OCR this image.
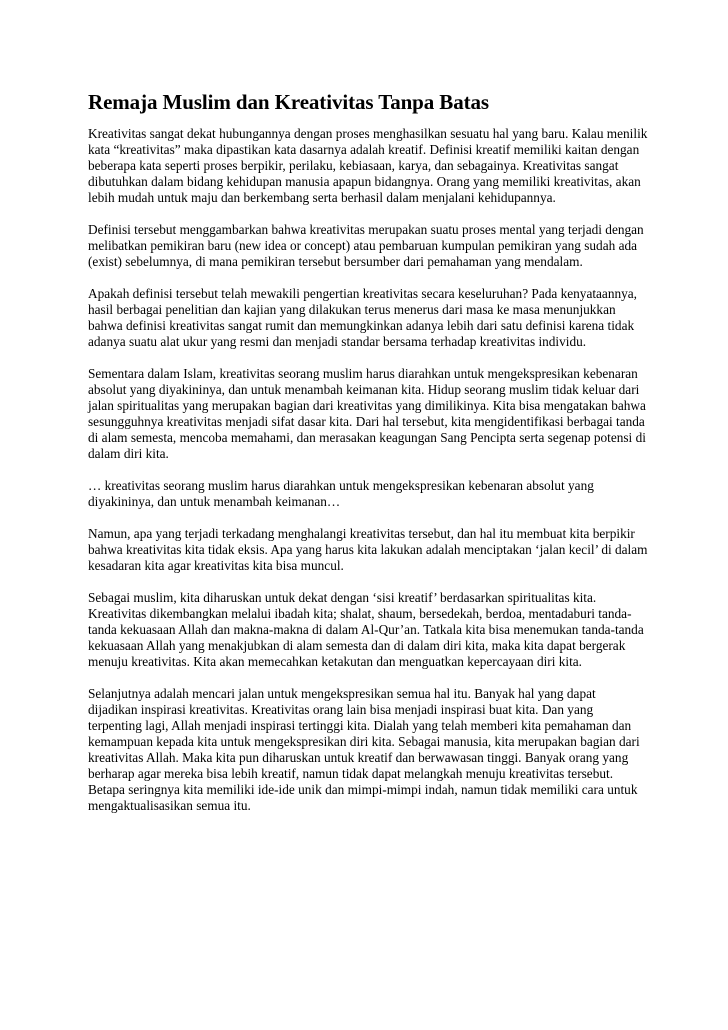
Remaja Muslim dan Kreativitas Tanpa Batas

Kreativitas sangat dekat hubungannya dengan proses menghasilkan sesuatu hal yang baru. Kalau menilik kata “kreativitas” maka dipastikan kata dasarnya adalah kreatif. Definisi kreatif memiliki kaitan dengan beberapa kata seperti proses berpikir, perilaku, kebiasaan, karya, dan sebagainya. Kreativitas sangat dibutuhkan dalam bidang kehidupan manusia apapun bidangnya. Orang yang memiliki kreativitas, akan lebih mudah untuk maju dan berkembang serta berhasil dalam menjalani kehidupannya.

Definisi tersebut menggambarkan bahwa kreativitas merupakan suatu proses mental yang terjadi dengan melibatkan pemikiran baru (new idea or concept) atau pembaruan kumpulan pemikiran yang sudah ada (exist) sebelumnya, di mana pemikiran tersebut bersumber dari pemahaman yang mendalam.

Apakah definisi tersebut telah mewakili pengertian kreativitas secara keseluruhan? Pada kenyataannya, hasil berbagai penelitian dan kajian yang dilakukan terus menerus dari masa ke masa menunjukkan bahwa definisi kreativitas sangat rumit dan memungkinkan adanya lebih dari satu definisi karena tidak adanya suatu alat ukur yang resmi dan menjadi standar bersama terhadap kreativitas individu.

Sementara dalam Islam, kreativitas seorang muslim harus diarahkan untuk mengekspresikan kebenaran absolut yang diyakininya, dan untuk menambah keimanan kita. Hidup seorang muslim tidak keluar dari jalan spiritualitas yang merupakan bagian dari kreativitas yang dimilikinya. Kita bisa mengatakan bahwa sesungguhnya kreativitas menjadi sifat dasar kita. Dari hal tersebut, kita mengidentifikasi berbagai tanda di alam semesta, mencoba memahami, dan merasakan keagungan Sang Pencipta serta segenap potensi di dalam diri kita.

… kreativitas seorang muslim harus diarahkan untuk mengekspresikan kebenaran absolut yang diyakininya, dan untuk menambah keimanan…

Namun, apa yang terjadi terkadang menghalangi kreativitas tersebut, dan hal itu membuat kita berpikir bahwa kreativitas kita tidak eksis. Apa yang harus kita lakukan adalah menciptakan ‘jalan kecil’ di dalam kesadaran kita agar kreativitas kita bisa muncul.

Sebagai muslim, kita diharuskan untuk dekat dengan ‘sisi kreatif’ berdasarkan spiritualitas kita. Kreativitas dikembangkan melalui ibadah kita; shalat, shaum, bersedekah, berdoa, mentadaburi tanda-tanda kekuasaan Allah dan makna-makna di dalam Al-Qur’an. Tatkala kita bisa menemukan tanda-tanda kekuasaan Allah yang menakjubkan di alam semesta dan di dalam diri kita, maka kita dapat bergerak menuju kreativitas. Kita akan memecahkan ketakutan dan menguatkan kepercayaan diri kita.

Selanjutnya adalah mencari jalan untuk mengekspresikan semua hal itu. Banyak hal yang dapat dijadikan inspirasi kreativitas. Kreativitas orang lain bisa menjadi inspirasi buat kita. Dan yang terpenting lagi, Allah menjadi inspirasi tertinggi kita. Dialah yang telah memberi kita pemahaman dan kemampuan kepada kita untuk mengekspresikan diri kita. Sebagai manusia, kita merupakan bagian dari kreativitas Allah. Maka kita pun diharuskan untuk kreatif dan berwawasan tinggi. Banyak orang yang berharap agar mereka bisa lebih kreatif, namun tidak dapat melangkah menuju kreativitas tersebut. Betapa seringnya kita memiliki ide-ide unik dan mimpi-mimpi indah, namun tidak memiliki cara untuk mengaktualisasikan semua itu.
